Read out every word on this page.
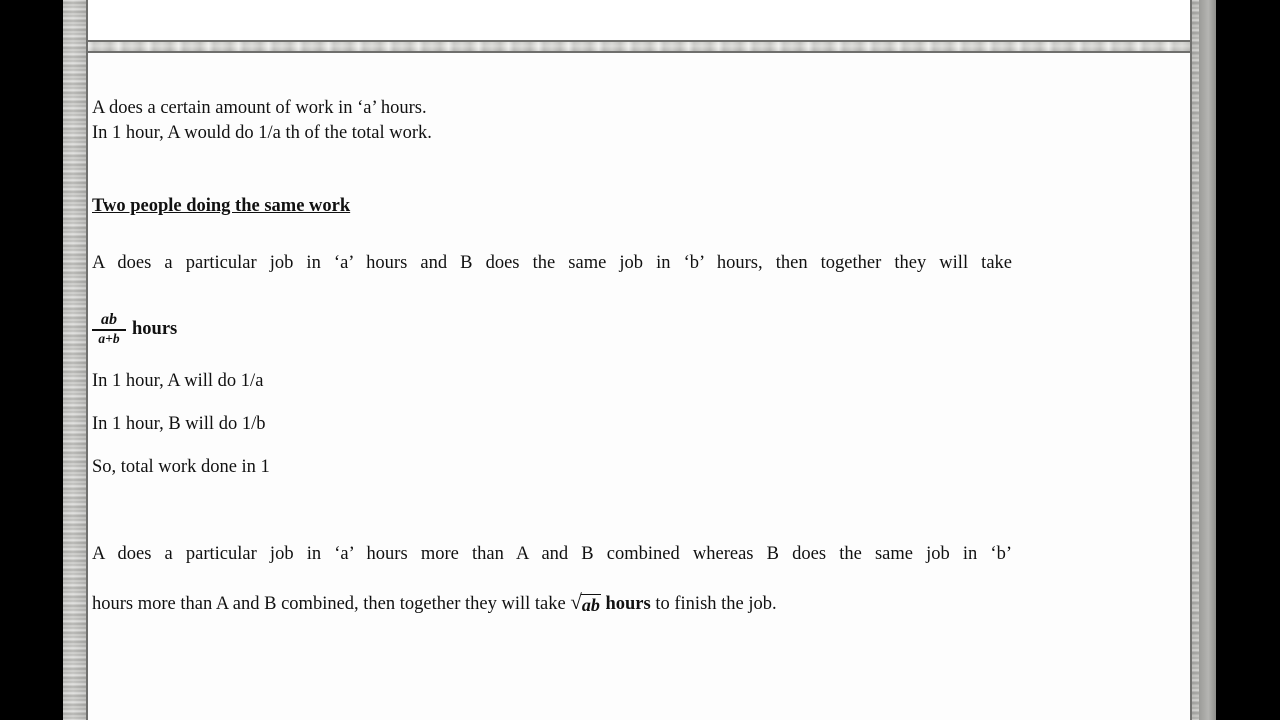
A does a certain amount of work in ‘a’ hours.
In 1 hour, A would do 1/a th of the total work.
Two people doing the same work
A does a particular job in ‘a’ hours and B does the same job in ‘b’ hours, then together they will take
$\frac{ab}{a+b}$ hours
In 1 hour, A will do 1/a
In 1 hour, B will do 1/b
So, total work done in 1
A does a particular job in ‘a’ hours more than A and B combined whereas B does the same job in ‘b’
hours more than A and B combined, then together they will take √ ab hours to finish the job.
